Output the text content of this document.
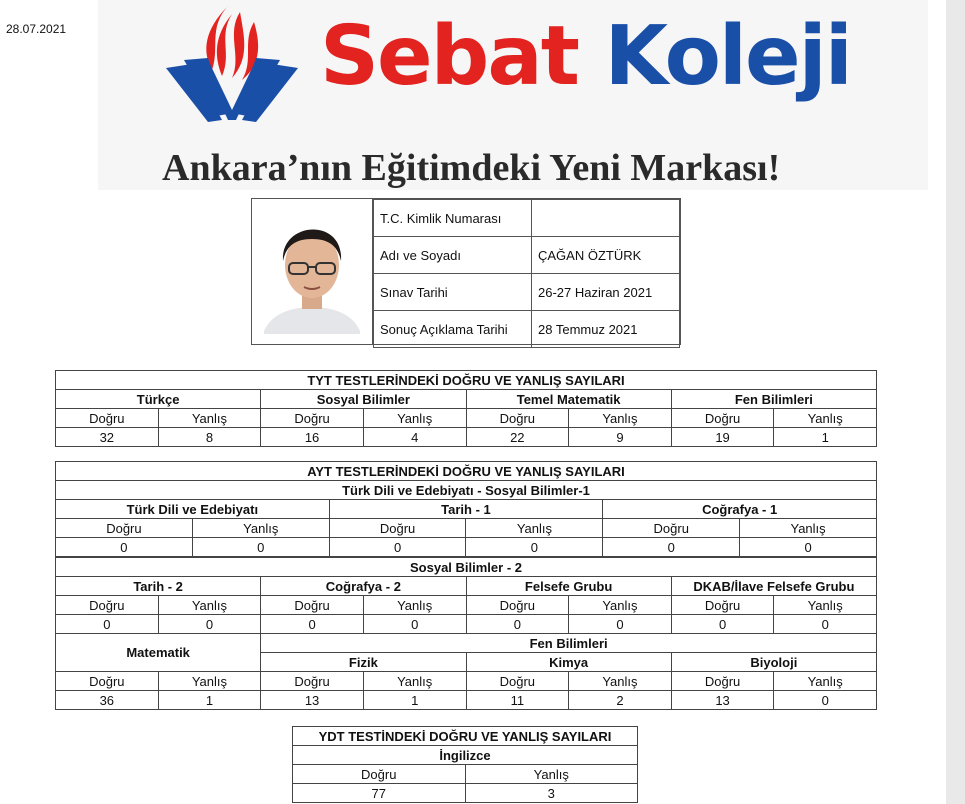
28.07.2021	Sebat Koleji
Ankara’nın Eğitimdeki Yeni Markası!
T.C. Kimlik Numarası	
Adı ve Soyadı	ÇAĞAN ÖZTÜRK
Sınav Tarihi	26-27 Haziran 2021
Sonuç Açıklama Tarihi	28 Temmuz 2021
TYT TESTLERİNDEKİ DOĞRU VE YANLIŞ SAYILARI							
Türkçe		Sosyal Bilimler		Temel Matematik		Fen Bilimleri	
Doğru	Yanlış	Doğru	Yanlış	Doğru	Yanlış	Doğru	Yanlış
32	8	16	4	22	9	19	1
AYT TESTLERİNDEKİ DOĞRU VE YANLIŞ SAYILARI					
Türk Dili ve Edebiyatı - Sosyal Bilimler-1					
Türk Dili ve Edebiyatı		Tarih - 1		Coğrafya - 1	
Doğru	Yanlış	Doğru	Yanlış	Doğru	Yanlış
0	0	0	0	0	0
Sosyal Bilimler - 2							
Tarih - 2		Coğrafya - 2		Felsefe Grubu		DKAB/İlave Felsefe Grubu	
Doğru	Yanlış	Doğru	Yanlış	Doğru	Yanlış	Doğru	Yanlış
0	0	0	0	0	0	0	0
Matematik		Fen Bilimleri					
		Fizik		Kimya		Biyoloji	
Doğru	Yanlış	Doğru	Yanlış	Doğru	Yanlış	Doğru	Yanlış
36	1	13	1	11	2	13	0
YDT TESTİNDEKİ DOĞRU VE YANLIŞ SAYILARI	
İngilizce	
Doğru	Yanlış
77	3
